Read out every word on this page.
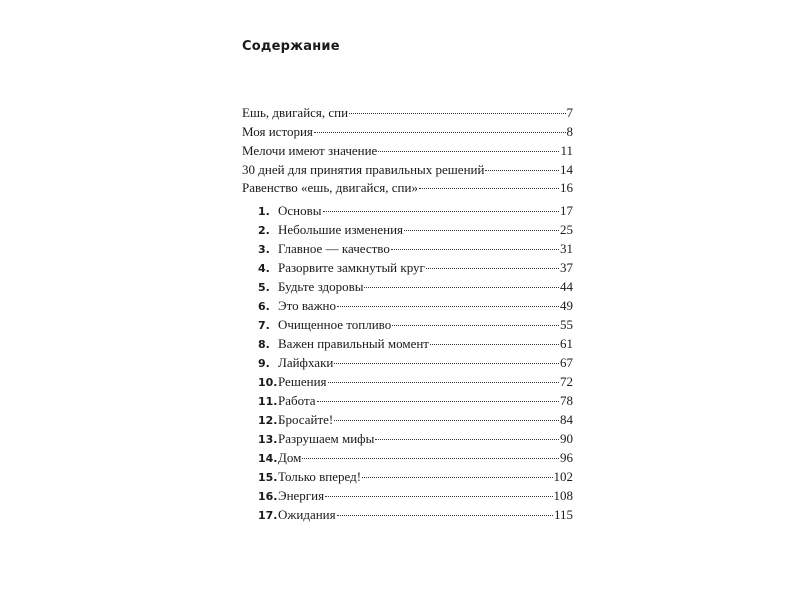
Содержание
Ешь, двигайся, спи	7
Моя история	8
Мелочи имеют значение	11
30 дней для принятия правильных решений	14
Равенство «ешь, двигайся, спи»	16
1. Основы	17
2. Небольшие изменения	25
3. Главное — качество	31
4. Разорвите замкнутый круг	37
5. Будьте здоровы	44
6. Это важно	49
7. Очищенное топливо	55
8. Важен правильный момент	61
9. Лайфхаки	67
10. Решения	72
11. Работа	78
12. Бросайте!	84
13. Разрушаем мифы	90
14. Дом	96
15. Только вперед!	102
16. Энергия	108
17. Ожидания	115
